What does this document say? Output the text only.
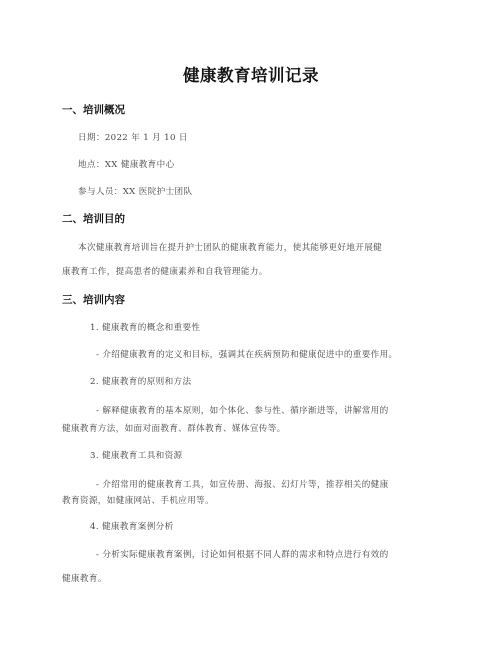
健康教育培训记录
一、培训概况
日期：2022 年 1 月 10 日
地点：XX 健康教育中心
参与人员：XX 医院护士团队
二、培训目的
本次健康教育培训旨在提升护士团队的健康教育能力，使其能够更好地开展健
康教育工作，提高患者的健康素养和自我管理能力。
三、培训内容
1. 健康教育的概念和重要性
- 介绍健康教育的定义和目标，强调其在疾病预防和健康促进中的重要作用。
2. 健康教育的原则和方法
- 解释健康教育的基本原则，如个体化、参与性、循序渐进等，讲解常用的
健康教育方法，如面对面教育、群体教育、媒体宣传等。
3. 健康教育工具和资源
- 介绍常用的健康教育工具，如宣传册、海报、幻灯片等，推荐相关的健康
教育资源，如健康网站、手机应用等。
4. 健康教育案例分析
- 分析实际健康教育案例，讨论如何根据不同人群的需求和特点进行有效的
健康教育。
